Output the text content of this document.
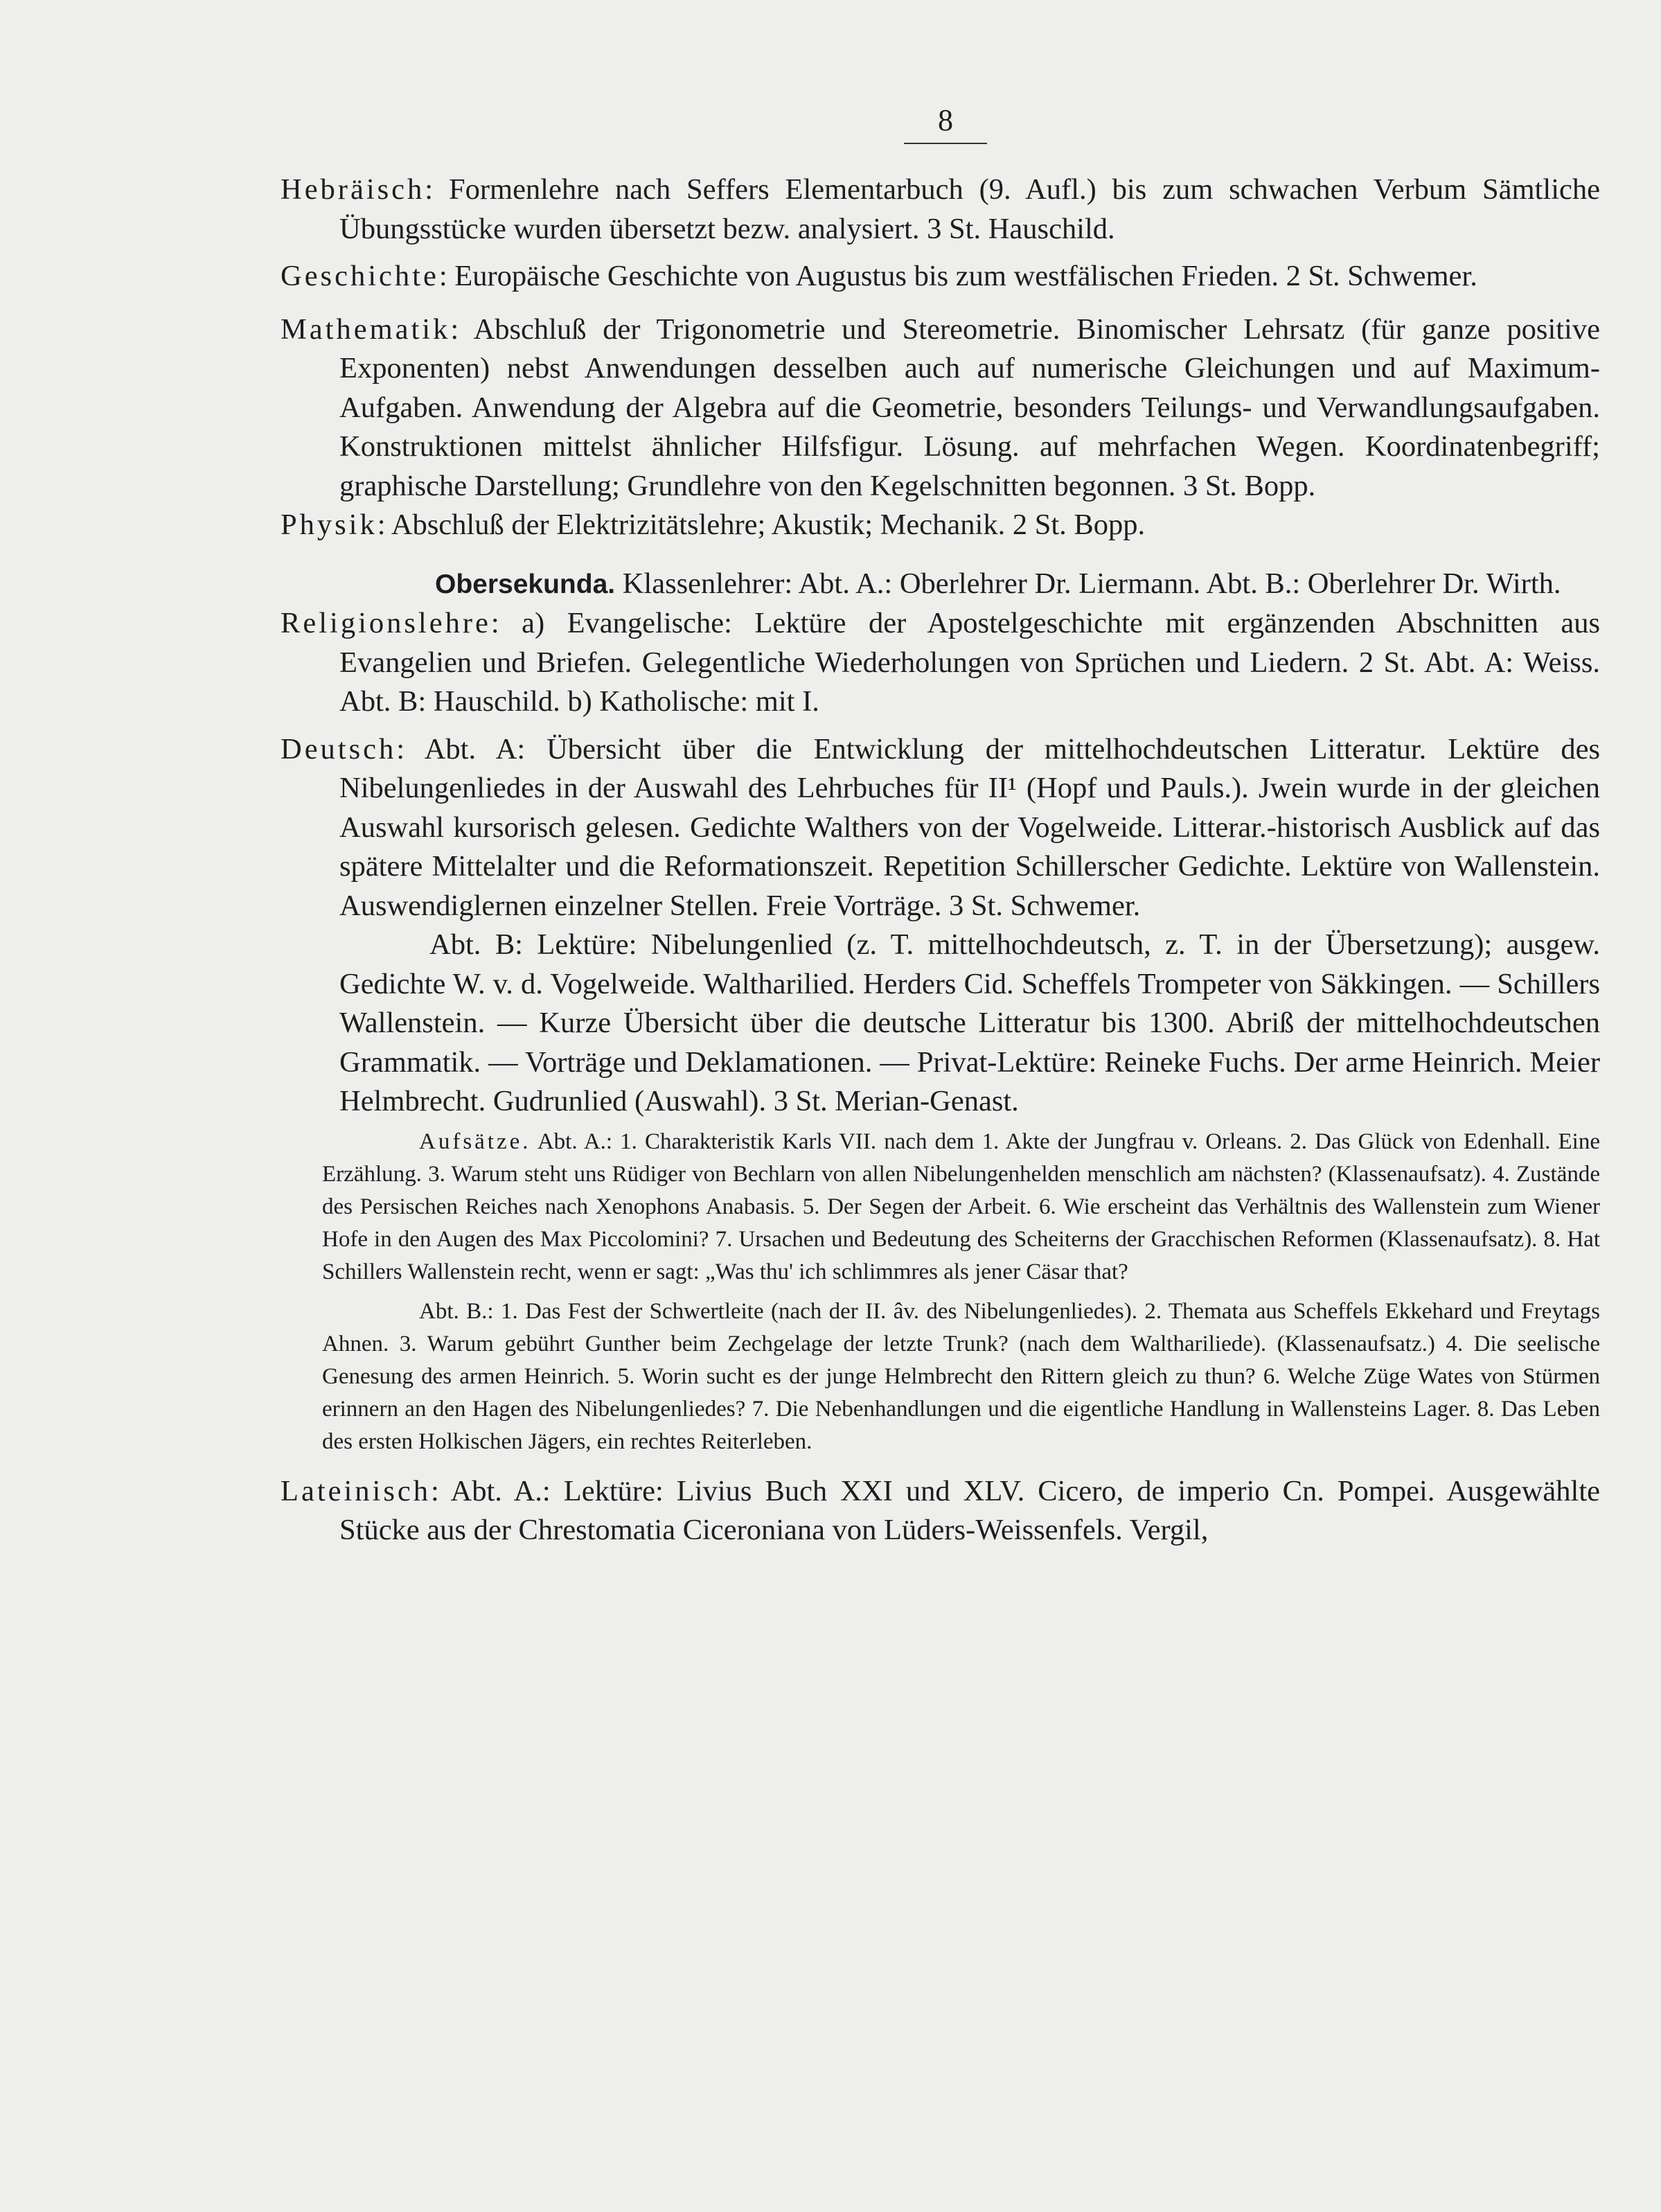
8

Hebräisch: Formenlehre nach Seffers Elementarbuch (9. Aufl.) bis zum schwachen Verbum Sämtliche Übungsstücke wurden übersetzt bezw. analysiert. 3 St. Hauschild.

Geschichte: Europäische Geschichte von Augustus bis zum westfälischen Frieden. 2 St. Schwemer.

Mathematik: Abschluß der Trigonometrie und Stereometrie. Binomischer Lehrsatz (für ganze positive Exponenten) nebst Anwendungen desselben auch auf numerische Gleichungen und auf Maximum-Aufgaben. Anwendung der Algebra auf die Geometrie, besonders Teilungs- und Verwandlungsaufgaben. Konstruktionen mittelst ähnlicher Hilfsfigur. Lösung. auf mehrfachen Wegen. Koordinatenbegriff; graphische Darstellung; Grundlehre von den Kegelschnitten begonnen. 3 St. Bopp.

Physik: Abschluß der Elektrizitätslehre; Akustik; Mechanik. 2 St. Bopp.

Obersekunda. Klassenlehrer: Abt. A.: Oberlehrer Dr. Liermann. Abt. B.: Oberlehrer Dr. Wirth.

Religionslehre: a) Evangelische: Lektüre der Apostelgeschichte mit ergänzenden Abschnitten aus Evangelien und Briefen. Gelegentliche Wiederholungen von Sprüchen und Liedern. 2 St. Abt. A: Weiss. Abt. B: Hauschild. b) Katholische: mit I.

Deutsch: Abt. A: Übersicht über die Entwicklung der mittelhochdeutschen Litteratur. Lektüre des Nibelungenliedes in der Auswahl des Lehrbuches für II¹ (Hopf und Pauls.). Jwein wurde in der gleichen Auswahl kursorisch gelesen. Gedichte Walthers von der Vogelweide. Litterar.-historisch Ausblick auf das spätere Mittelalter und die Reformationszeit. Repetition Schillerscher Gedichte. Lektüre von Wallenstein. Auswendiglernen einzelner Stellen. Freie Vorträge. 3 St. Schwemer.

Abt. B: Lektüre: Nibelungenlied (z. T. mittelhochdeutsch, z. T. in der Übersetzung); ausgew. Gedichte W. v. d. Vogelweide. Waltharilied. Herders Cid. Scheffels Trompeter von Säkkingen. — Schillers Wallenstein. — Kurze Übersicht über die deutsche Litteratur bis 1300. Abriß der mittelhochdeutschen Grammatik. — Vorträge und Deklamationen. — Privat-Lektüre: Reineke Fuchs. Der arme Heinrich. Meier Helmbrecht. Gudrunlied (Auswahl). 3 St. Merian-Genast.

Aufsätze. Abt. A.: 1. Charakteristik Karls VII. nach dem 1. Akte der Jungfrau v. Orleans. 2. Das Glück von Edenhall. Eine Erzählung. 3. Warum steht uns Rüdiger von Bechlarn von allen Nibelungenhelden menschlich am nächsten? (Klassenaufsatz). 4. Zustände des Persischen Reiches nach Xenophons Anabasis. 5. Der Segen der Arbeit. 6. Wie erscheint das Verhältnis des Wallenstein zum Wiener Hofe in den Augen des Max Piccolomini? 7. Ursachen und Bedeutung des Scheiterns der Gracchischen Reformen (Klassenaufsatz). 8. Hat Schillers Wallenstein recht, wenn er sagt: „Was thu' ich schlimmres als jener Cäsar that?

Abt. B.: 1. Das Fest der Schwertleite (nach der II. âv. des Nibelungenliedes). 2. Themata aus Scheffels Ekkehard und Freytags Ahnen. 3. Warum gebührt Gunther beim Zechgelage der letzte Trunk? (nach dem Walthariliede). (Klassenaufsatz.) 4. Die seelische Genesung des armen Heinrich. 5. Worin sucht es der junge Helmbrecht den Rittern gleich zu thun? 6. Welche Züge Wates von Stürmen erinnern an den Hagen des Nibelungenliedes? 7. Die Nebenhandlungen und die eigentliche Handlung in Wallensteins Lager. 8. Das Leben des ersten Holkischen Jägers, ein rechtes Reiterleben.

Lateinisch: Abt. A.: Lektüre: Livius Buch XXI und XLV. Cicero, de imperio Cn. Pompei. Ausgewählte Stücke aus der Chrestomatia Ciceroniana von Lüders-Weissenfels. Vergil,
